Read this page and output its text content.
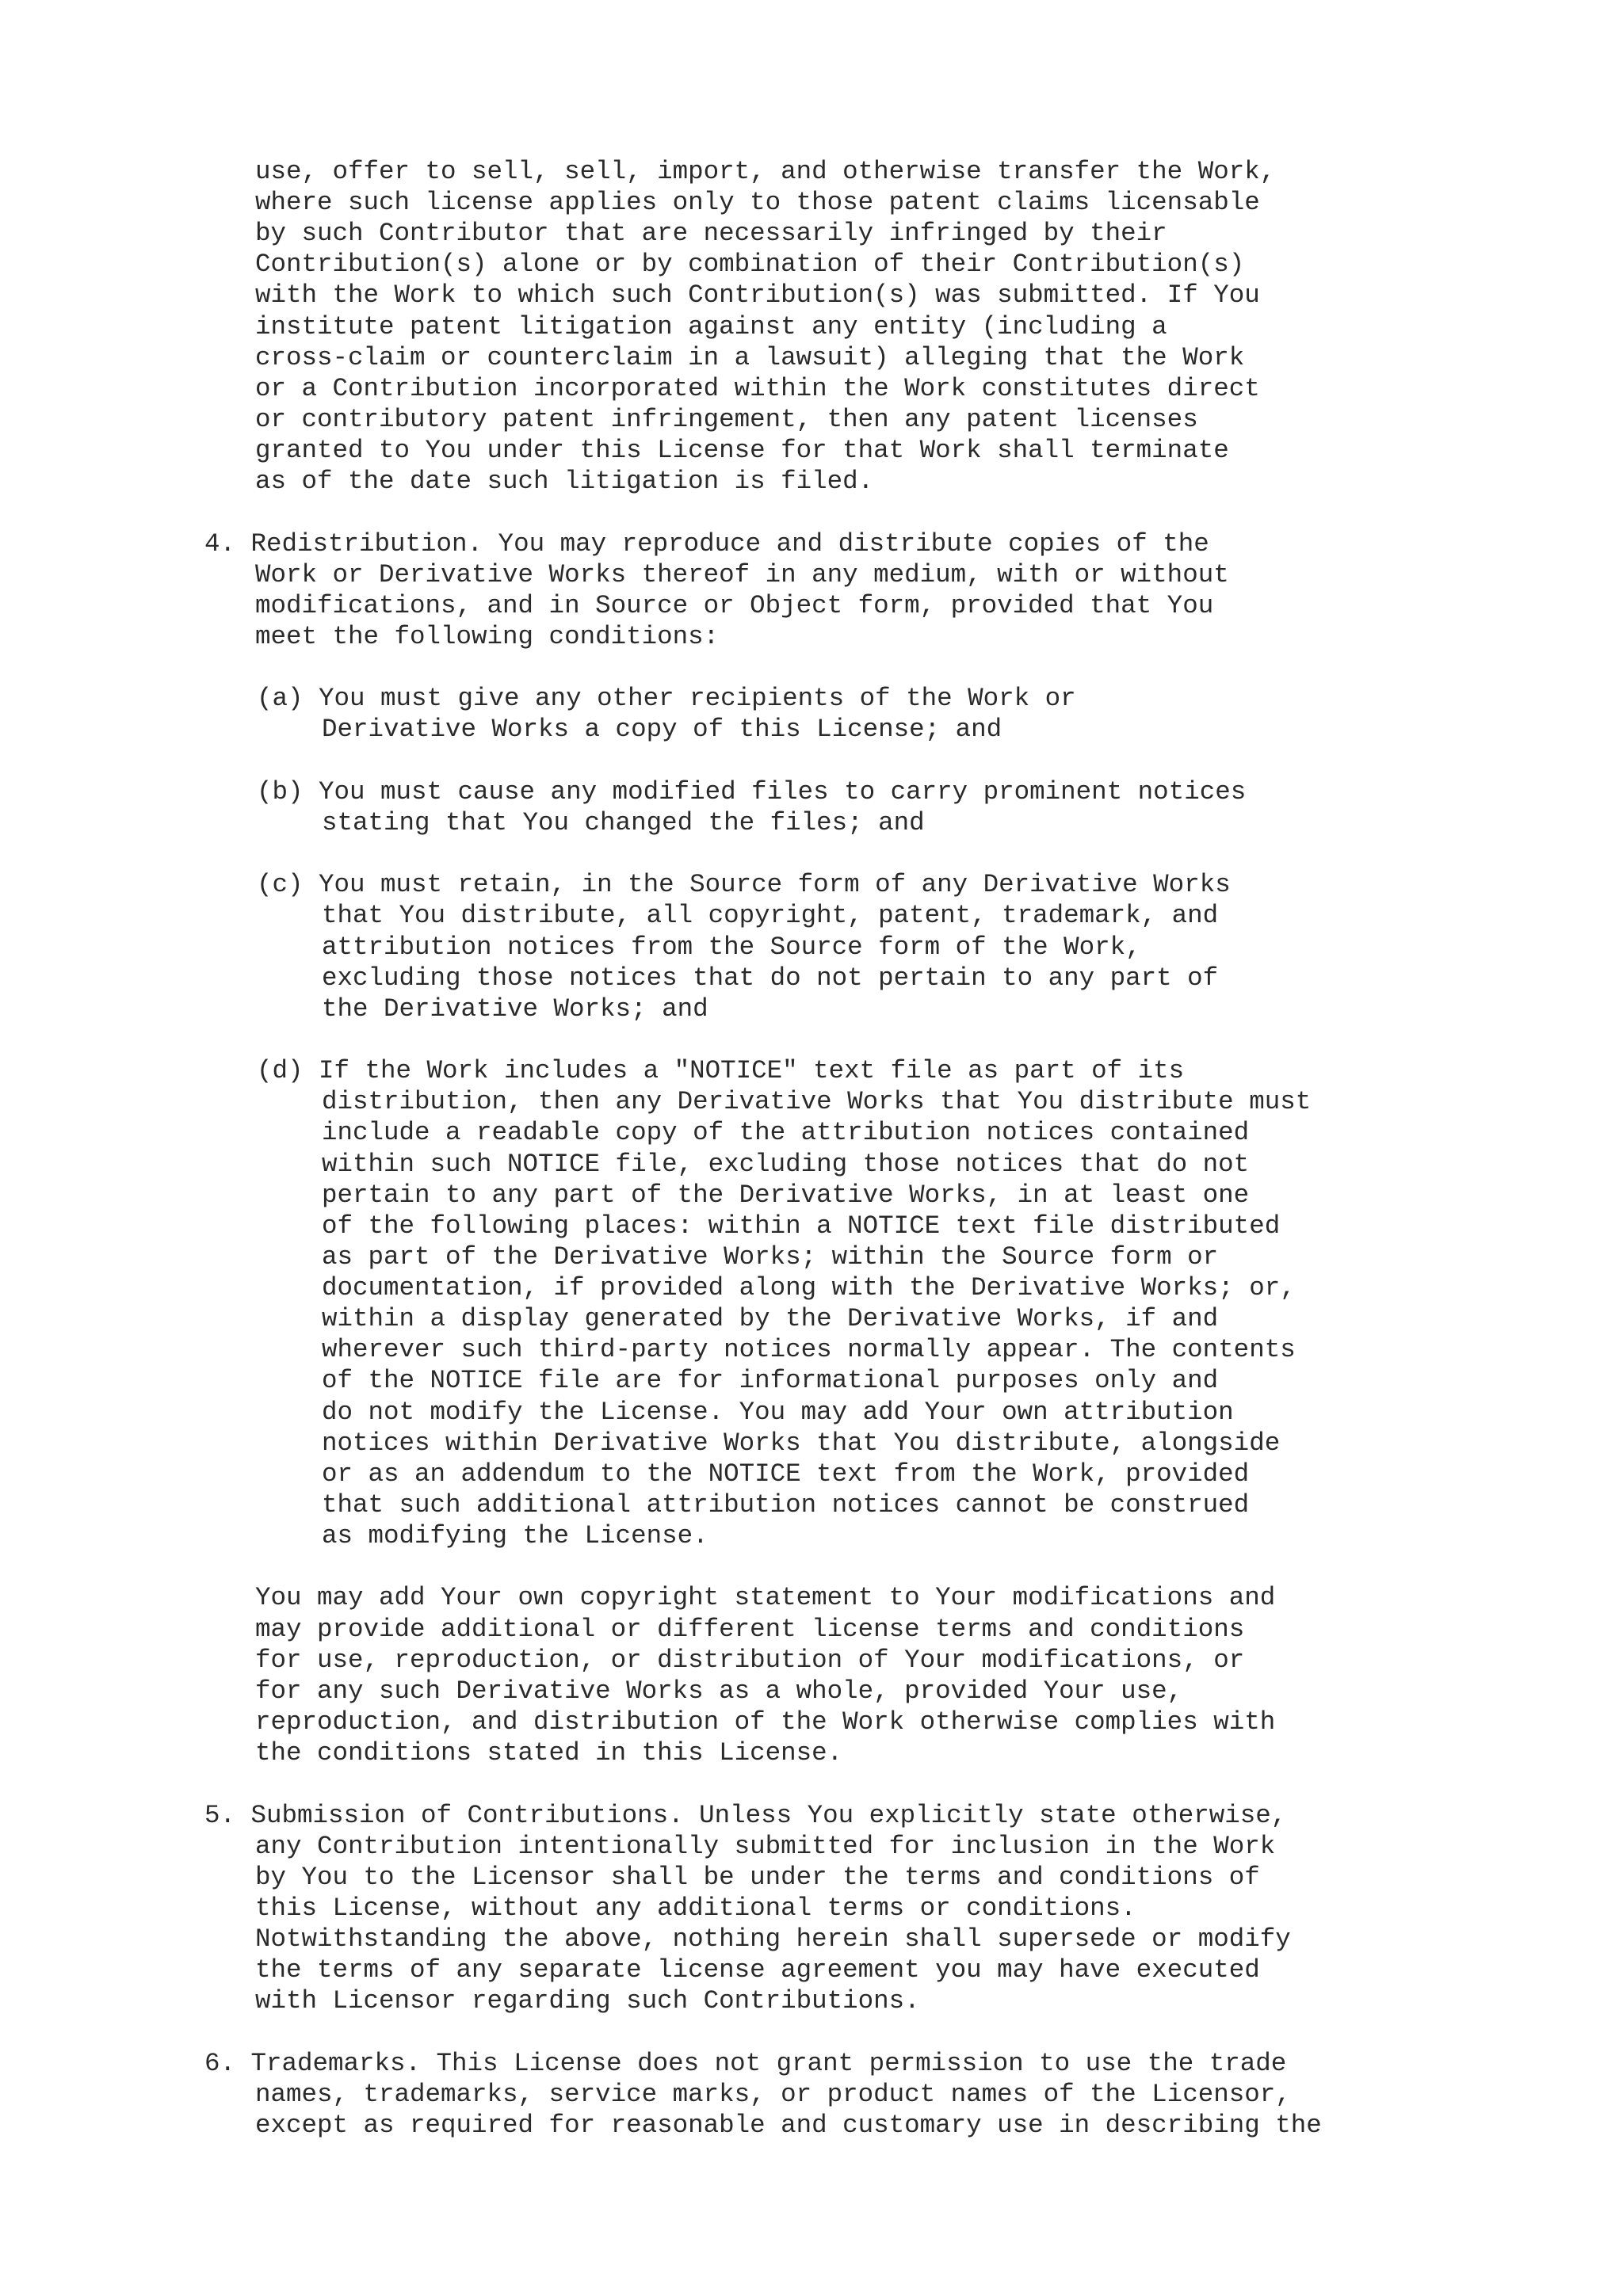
use, offer to sell, sell, import, and otherwise transfer the Work,

where such license applies only to those patent claims licensable

by such Contributor that are necessarily infringed by their

Contribution(s) alone or by combination of their Contribution(s)

with the Work to which such Contribution(s) was submitted. If You

institute patent litigation against any entity (including a

cross-claim or counterclaim in a lawsuit) alleging that the Work

or a Contribution incorporated within the Work constitutes direct

or contributory patent infringement, then any patent licenses

granted to You under this License for that Work shall terminate

as of the date such litigation is filed.

4. Redistribution. You may reproduce and distribute copies of the

Work or Derivative Works thereof in any medium, with or without

modifications, and in Source or Object form, provided that You

meet the following conditions:

(a) You must give any other recipients of the Work or

Derivative Works a copy of this License; and

(b) You must cause any modified files to carry prominent notices

stating that You changed the files; and

(c) You must retain, in the Source form of any Derivative Works

that You distribute, all copyright, patent, trademark, and

attribution notices from the Source form of the Work,

excluding those notices that do not pertain to any part of

the Derivative Works; and

(d) If the Work includes a "NOTICE" text file as part of its

distribution, then any Derivative Works that You distribute must

include a readable copy of the attribution notices contained

within such NOTICE file, excluding those notices that do not

pertain to any part of the Derivative Works, in at least one

of the following places: within a NOTICE text file distributed

as part of the Derivative Works; within the Source form or

documentation, if provided along with the Derivative Works; or,

within a display generated by the Derivative Works, if and

wherever such third-party notices normally appear. The contents

of the NOTICE file are for informational purposes only and

do not modify the License. You may add Your own attribution

notices within Derivative Works that You distribute, alongside

or as an addendum to the NOTICE text from the Work, provided

that such additional attribution notices cannot be construed

as modifying the License.

You may add Your own copyright statement to Your modifications and

may provide additional or different license terms and conditions

for use, reproduction, or distribution of Your modifications, or

for any such Derivative Works as a whole, provided Your use,

reproduction, and distribution of the Work otherwise complies with

the conditions stated in this License.

5. Submission of Contributions. Unless You explicitly state otherwise,

any Contribution intentionally submitted for inclusion in the Work

by You to the Licensor shall be under the terms and conditions of

this License, without any additional terms or conditions.

Notwithstanding the above, nothing herein shall supersede or modify

the terms of any separate license agreement you may have executed

with Licensor regarding such Contributions.

6. Trademarks. This License does not grant permission to use the trade

names, trademarks, service marks, or product names of the Licensor,

except as required for reasonable and customary use in describing the
